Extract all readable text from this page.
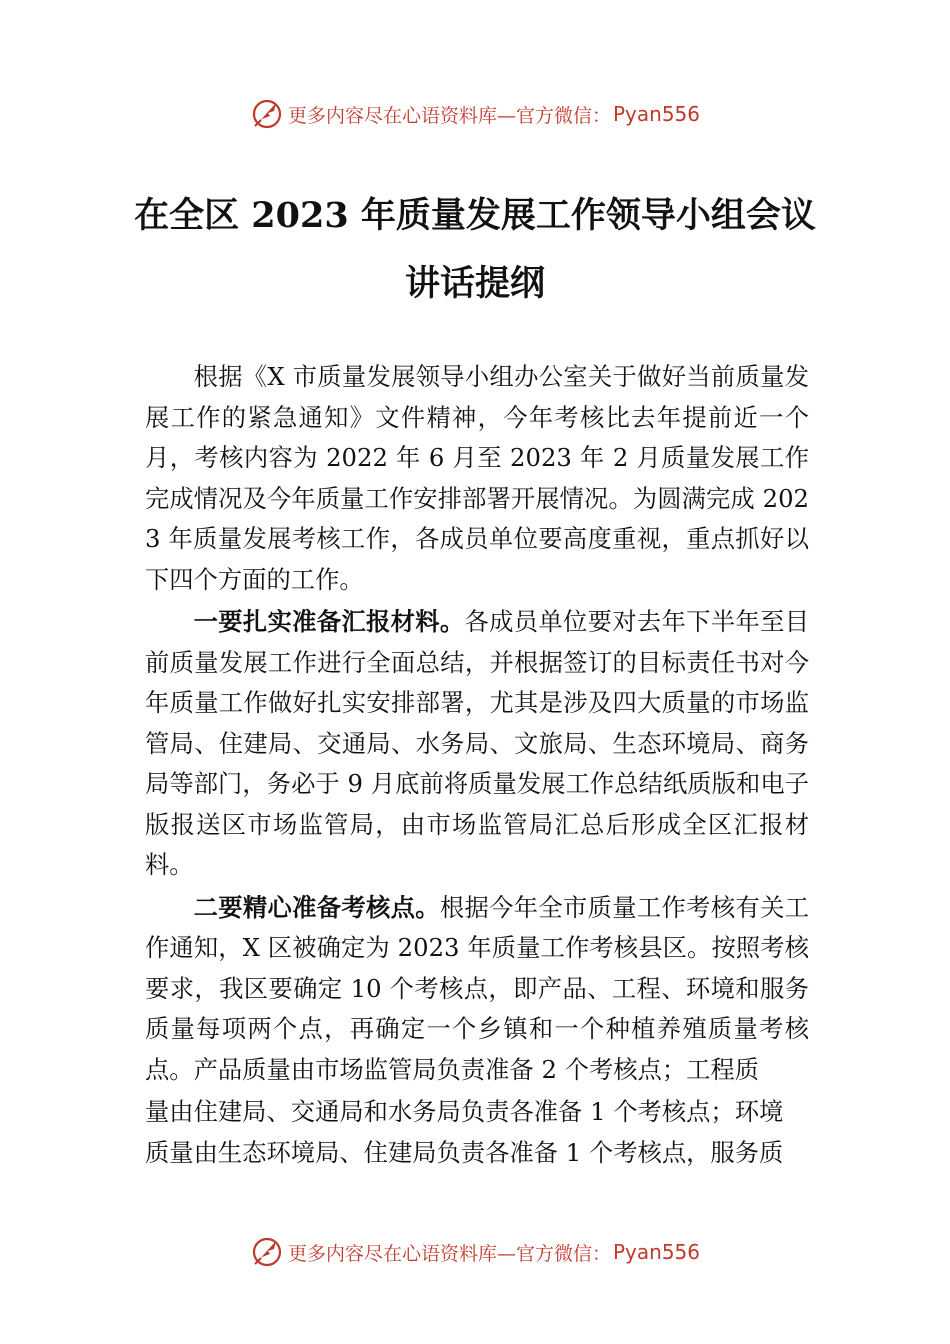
更多内容尽在心语资料库—官方微信： Pyan556
在全区 2023 年质量发展工作领导小组会议
讲话提纲

根据《X 市质量发展领导小组办公室关于做好当前质量发展工作的紧急通知》文件精神，今年考核比去年提前近一个月，考核内容为 2022 年 6 月至 2023 年 2 月质量发展工作完成情况及今年质量工作安排部署开展情况。为圆满完成 2023 年质量发展考核工作，各成员单位要高度重视，重点抓好以下四个方面的工作。

一要扎实准备汇报材料。各成员单位要对去年下半年至目前质量发展工作进行全面总结，并根据签订的目标责任书对今年质量工作做好扎实安排部署，尤其是涉及四大质量的市场监管局、住建局、交通局、水务局、文旅局、生态环境局、商务局等部门，务必于 9 月底前将质量发展工作总结纸质版和电子版报送区市场监管局，由市场监管局汇总后形成全区汇报材料。

二要精心准备考核点。根据今年全市质量工作考核有关工作通知，X 区被确定为 2023 年质量工作考核县区。按照考核要求，我区要确定 10 个考核点，即产品、工程、环境和服务质量每项两个点，再确定一个乡镇和一个种植养殖质量考核点。产品质量由市场监管局负责准备 2 个考核点；工程质

量由住建局、交通局和水务局负责各准备 1 个考核点；环境

质量由生态环境局、住建局负责各准备 1 个考核点，服务质

更多内容尽在心语资料库—官方微信： Pyan556
